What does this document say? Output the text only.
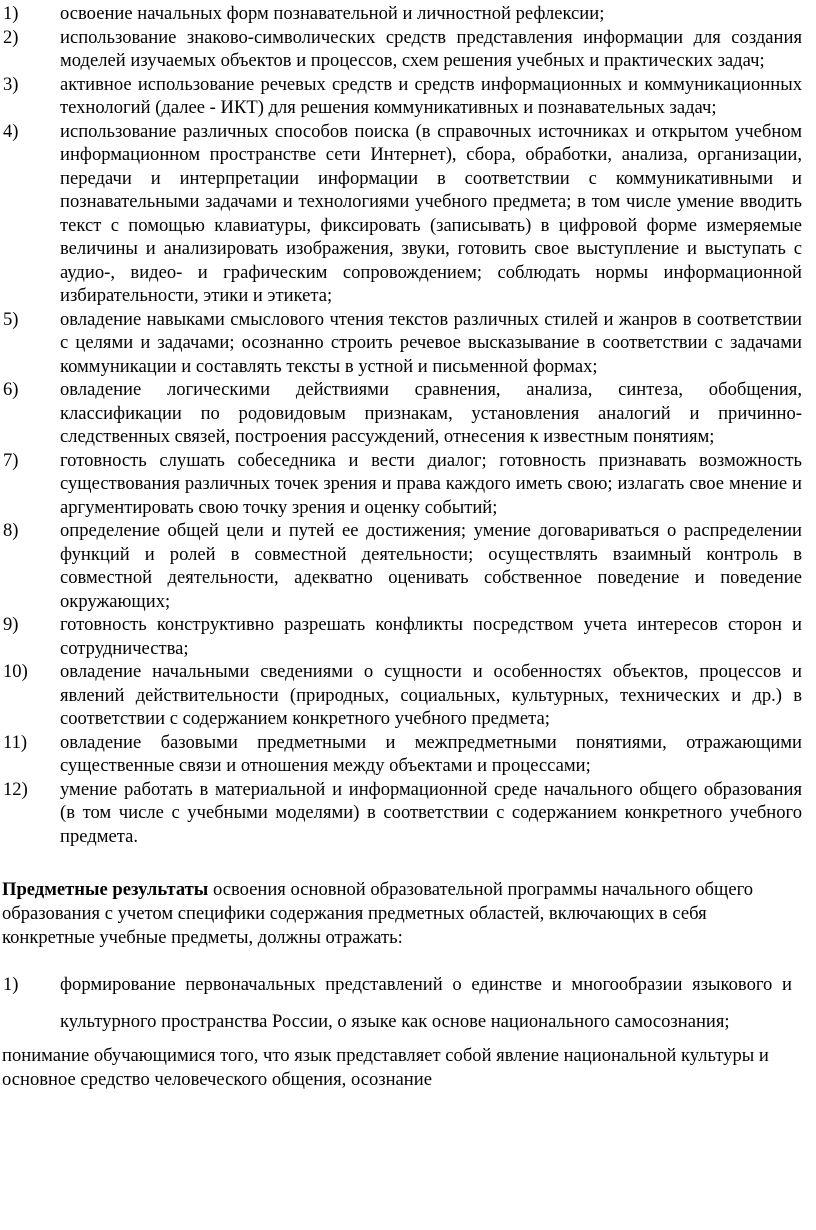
1)	освоение начальных форм познавательной и личностной рефлексии;
2)	использование знаково-символических средств представления информации для создания моделей изучаемых объектов и процессов, схем решения учебных и практических задач;
3)	активное использование речевых средств и средств информационных и коммуникационных технологий (далее - ИКТ) для решения коммуникативных и познавательных задач;
4)	использование различных способов поиска (в справочных источниках и открытом учебном информационном пространстве сети Интернет), сбора, обработки, анализа, организации, передачи и интерпретации информации в соответствии с коммуникативными и познавательными задачами и технологиями учебного предмета; в том числе умение вводить текст с помощью клавиатуры, фиксировать (записывать) в цифровой форме измеряемые величины и анализировать изображения, звуки, готовить свое выступление и выступать с аудио-, видео- и графическим сопровождением; соблюдать нормы информационной избирательности, этики и этикета;
5)	овладение навыками смыслового чтения текстов различных стилей и жанров в соответствии с целями и задачами; осознанно строить речевое высказывание в соответствии с задачами коммуникации и составлять тексты в устной и письменной формах;
6)	овладение логическими действиями сравнения, анализа, синтеза, обобщения, классификации по родовидовым признакам, установления аналогий и причинно-следственных связей, построения рассуждений, отнесения к известным понятиям;
7)	готовность слушать собеседника и вести диалог; готовность признавать возможность существования различных точек зрения и права каждого иметь свою; излагать свое мнение и аргументировать свою точку зрения и оценку событий;
8)	определение общей цели и путей ее достижения; умение договариваться о распределении функций и ролей в совместной деятельности; осуществлять взаимный контроль в совместной деятельности, адекватно оценивать собственное поведение и поведение окружающих;
9)	готовность конструктивно разрешать конфликты посредством учета интересов сторон и сотрудничества;
10)	овладение начальными сведениями о сущности и особенностях объектов, процессов и явлений действительности (природных, социальных, культурных, технических и др.) в соответствии с содержанием конкретного учебного предмета;
11)	овладение базовыми предметными и межпредметными понятиями, отражающими существенные связи и отношения между объектами и процессами;
12)	умение работать в материальной и информационной среде начального общего образования (в том числе с учебными моделями) в соответствии с содержанием конкретного учебного предмета.

Предметные результаты освоения основной образовательной программы начального общего образования с учетом специфики содержания предметных областей, включающих в себя конкретные учебные предметы, должны отражать:

1)	формирование первоначальных представлений о единстве и многообразии языкового и культурного пространства России, о языке как основе национального самосознания;

понимание обучающимися того, что язык представляет собой явление национальной культуры и основное средство человеческого общения, осознание
